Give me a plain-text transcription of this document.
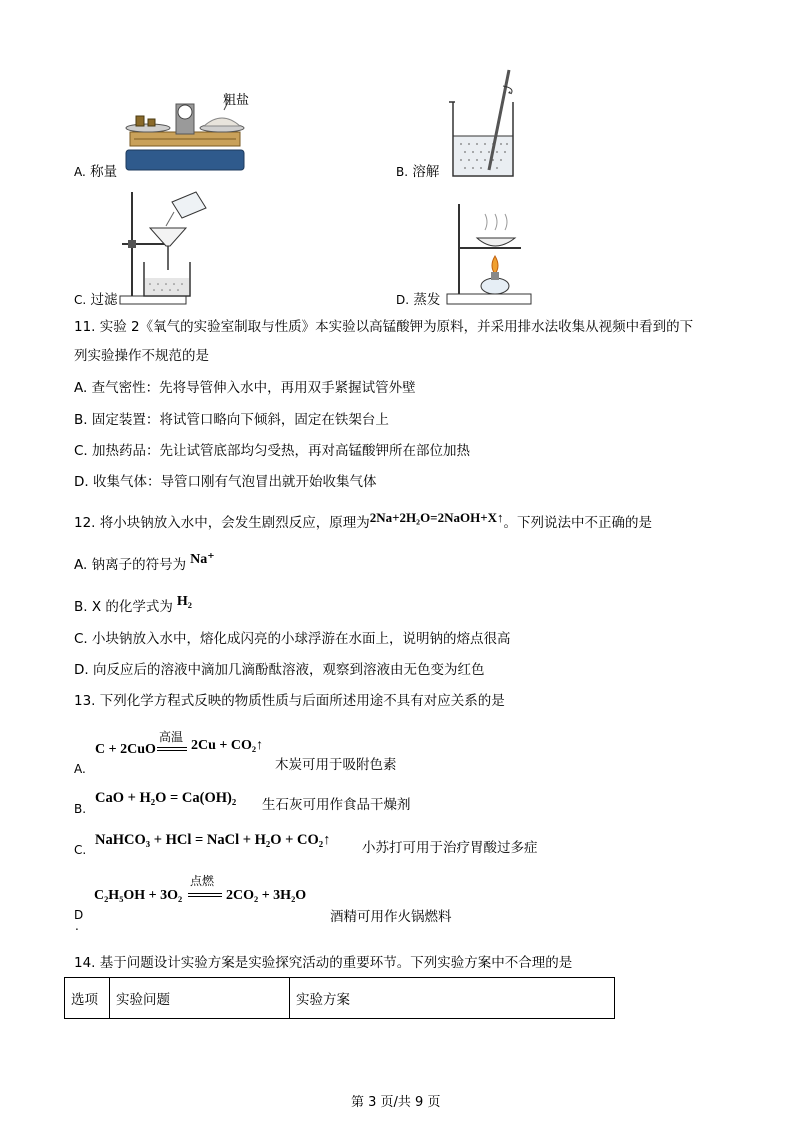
粗盐
A. 称量	B. 溶解
C. 过滤	D. 蒸发
11. 实验 2《氧气的实验室制取与性质》本实验以高锰酸钾为原料，并采用排水法收集从视频中看到的下
列实验操作不规范的是
A. 查气密性：先将导管伸入水中，再用双手紧握试管外壁
B. 固定装置：将试管口略向下倾斜，固定在铁架台上
C. 加热药品：先让试管底部均匀受热，再对高锰酸钾所在部位加热
D. 收集气体：导管口刚有气泡冒出就开始收集气体
12. 将小块钠放入水中，会发生剧烈反应，原理为2Na+2H₂O=2NaOH+X↑。下列说法中不正确的是
A. 钠离子的符号为 Na⁺
B. X 的化学式为 H₂
C. 小块钠放入水中，熔化成闪亮的小球浮游在水面上，说明钠的熔点很高
D. 向反应后的溶液中滴加几滴酚酞溶液，观察到溶液由无色变为红色
13. 下列化学方程式反映的物质性质与后面所述用途不具有对应关系的是
A.
C + 2CuO
高温
2Cu + CO₂↑
木炭可用于吸附色素
B.
CaO + H₂O = Ca(OH)₂ 生石灰可用作食品干燥剂
C.
NaHCO₃ + HCl = NaCl + H₂O + CO₂↑ 小苏打可用于治疗胃酸过多症
D
.
C₂H₅OH + 3O₂
点燃
2CO₂ + 3H₂O
酒精可用作火锅燃料
14. 基于问题设计实验方案是实验探究活动的重要环节。下列实验方案中不合理的是
选项	实验问题	实验方案
第 3 页/共 9 页
